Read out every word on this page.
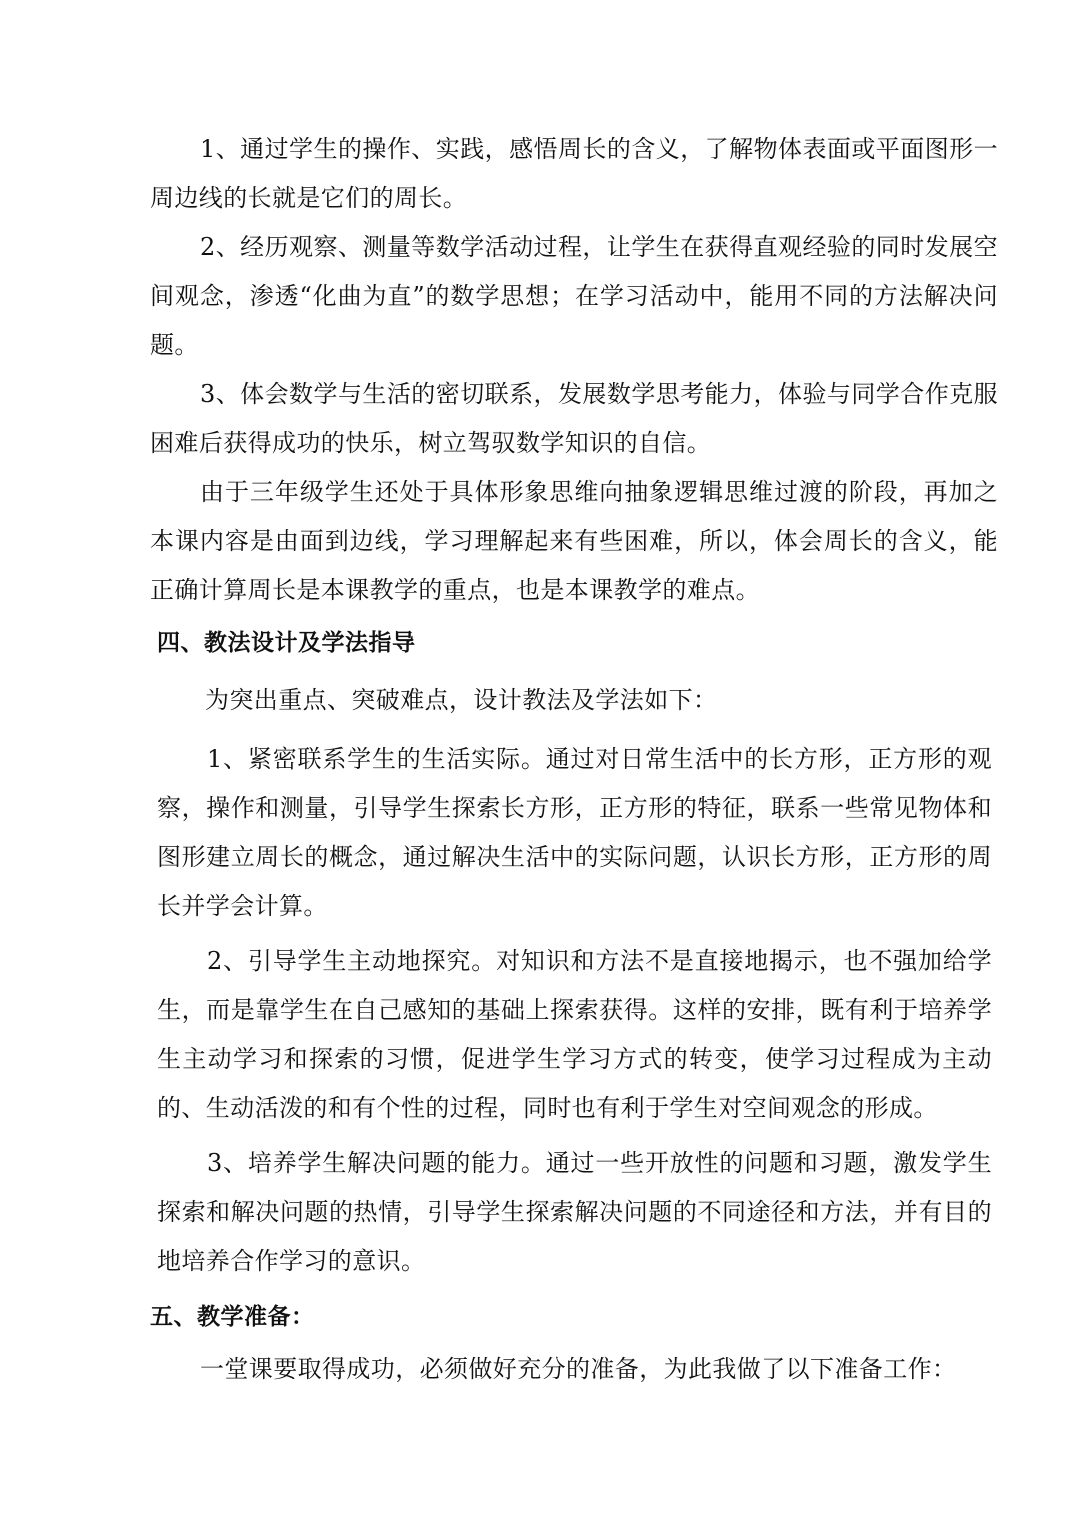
1、通过学生的操作、实践，感悟周长的含义，了解物体表面或平面图形一周边线的长就是它们的周长。

2、经历观察、测量等数学活动过程，让学生在获得直观经验的同时发展空间观念，渗透“化曲为直”的数学思想；在学习活动中，能用不同的方法解决问题。

3、体会数学与生活的密切联系，发展数学思考能力，体验与同学合作克服困难后获得成功的快乐，树立驾驭数学知识的自信。

由于三年级学生还处于具体形象思维向抽象逻辑思维过渡的阶段，再加之本课内容是由面到边线，学习理解起来有些困难，所以，体会周长的含义，能正确计算周长是本课教学的重点，也是本课教学的难点。

四、教法设计及学法指导

为突出重点、突破难点，设计教法及学法如下：

1、紧密联系学生的生活实际。通过对日常生活中的长方形，正方形的观察，操作和测量，引导学生探索长方形，正方形的特征，联系一些常见物体和图形建立周长的概念，通过解决生活中的实际问题，认识长方形，正方形的周长并学会计算。

2、引导学生主动地探究。对知识和方法不是直接地揭示，也不强加给学生，而是靠学生在自己感知的基础上探索获得。这样的安排，既有利于培养学生主动学习和探索的习惯，促进学生学习方式的转变，使学习过程成为主动的、生动活泼的和有个性的过程，同时也有利于学生对空间观念的形成。

3、培养学生解决问题的能力。通过一些开放性的问题和习题，激发学生探索和解决问题的热情，引导学生探索解决问题的不同途径和方法，并有目的地培养合作学习的意识。

五、教学准备：

一堂课要取得成功，必须做好充分的准备，为此我做了以下准备工作：
